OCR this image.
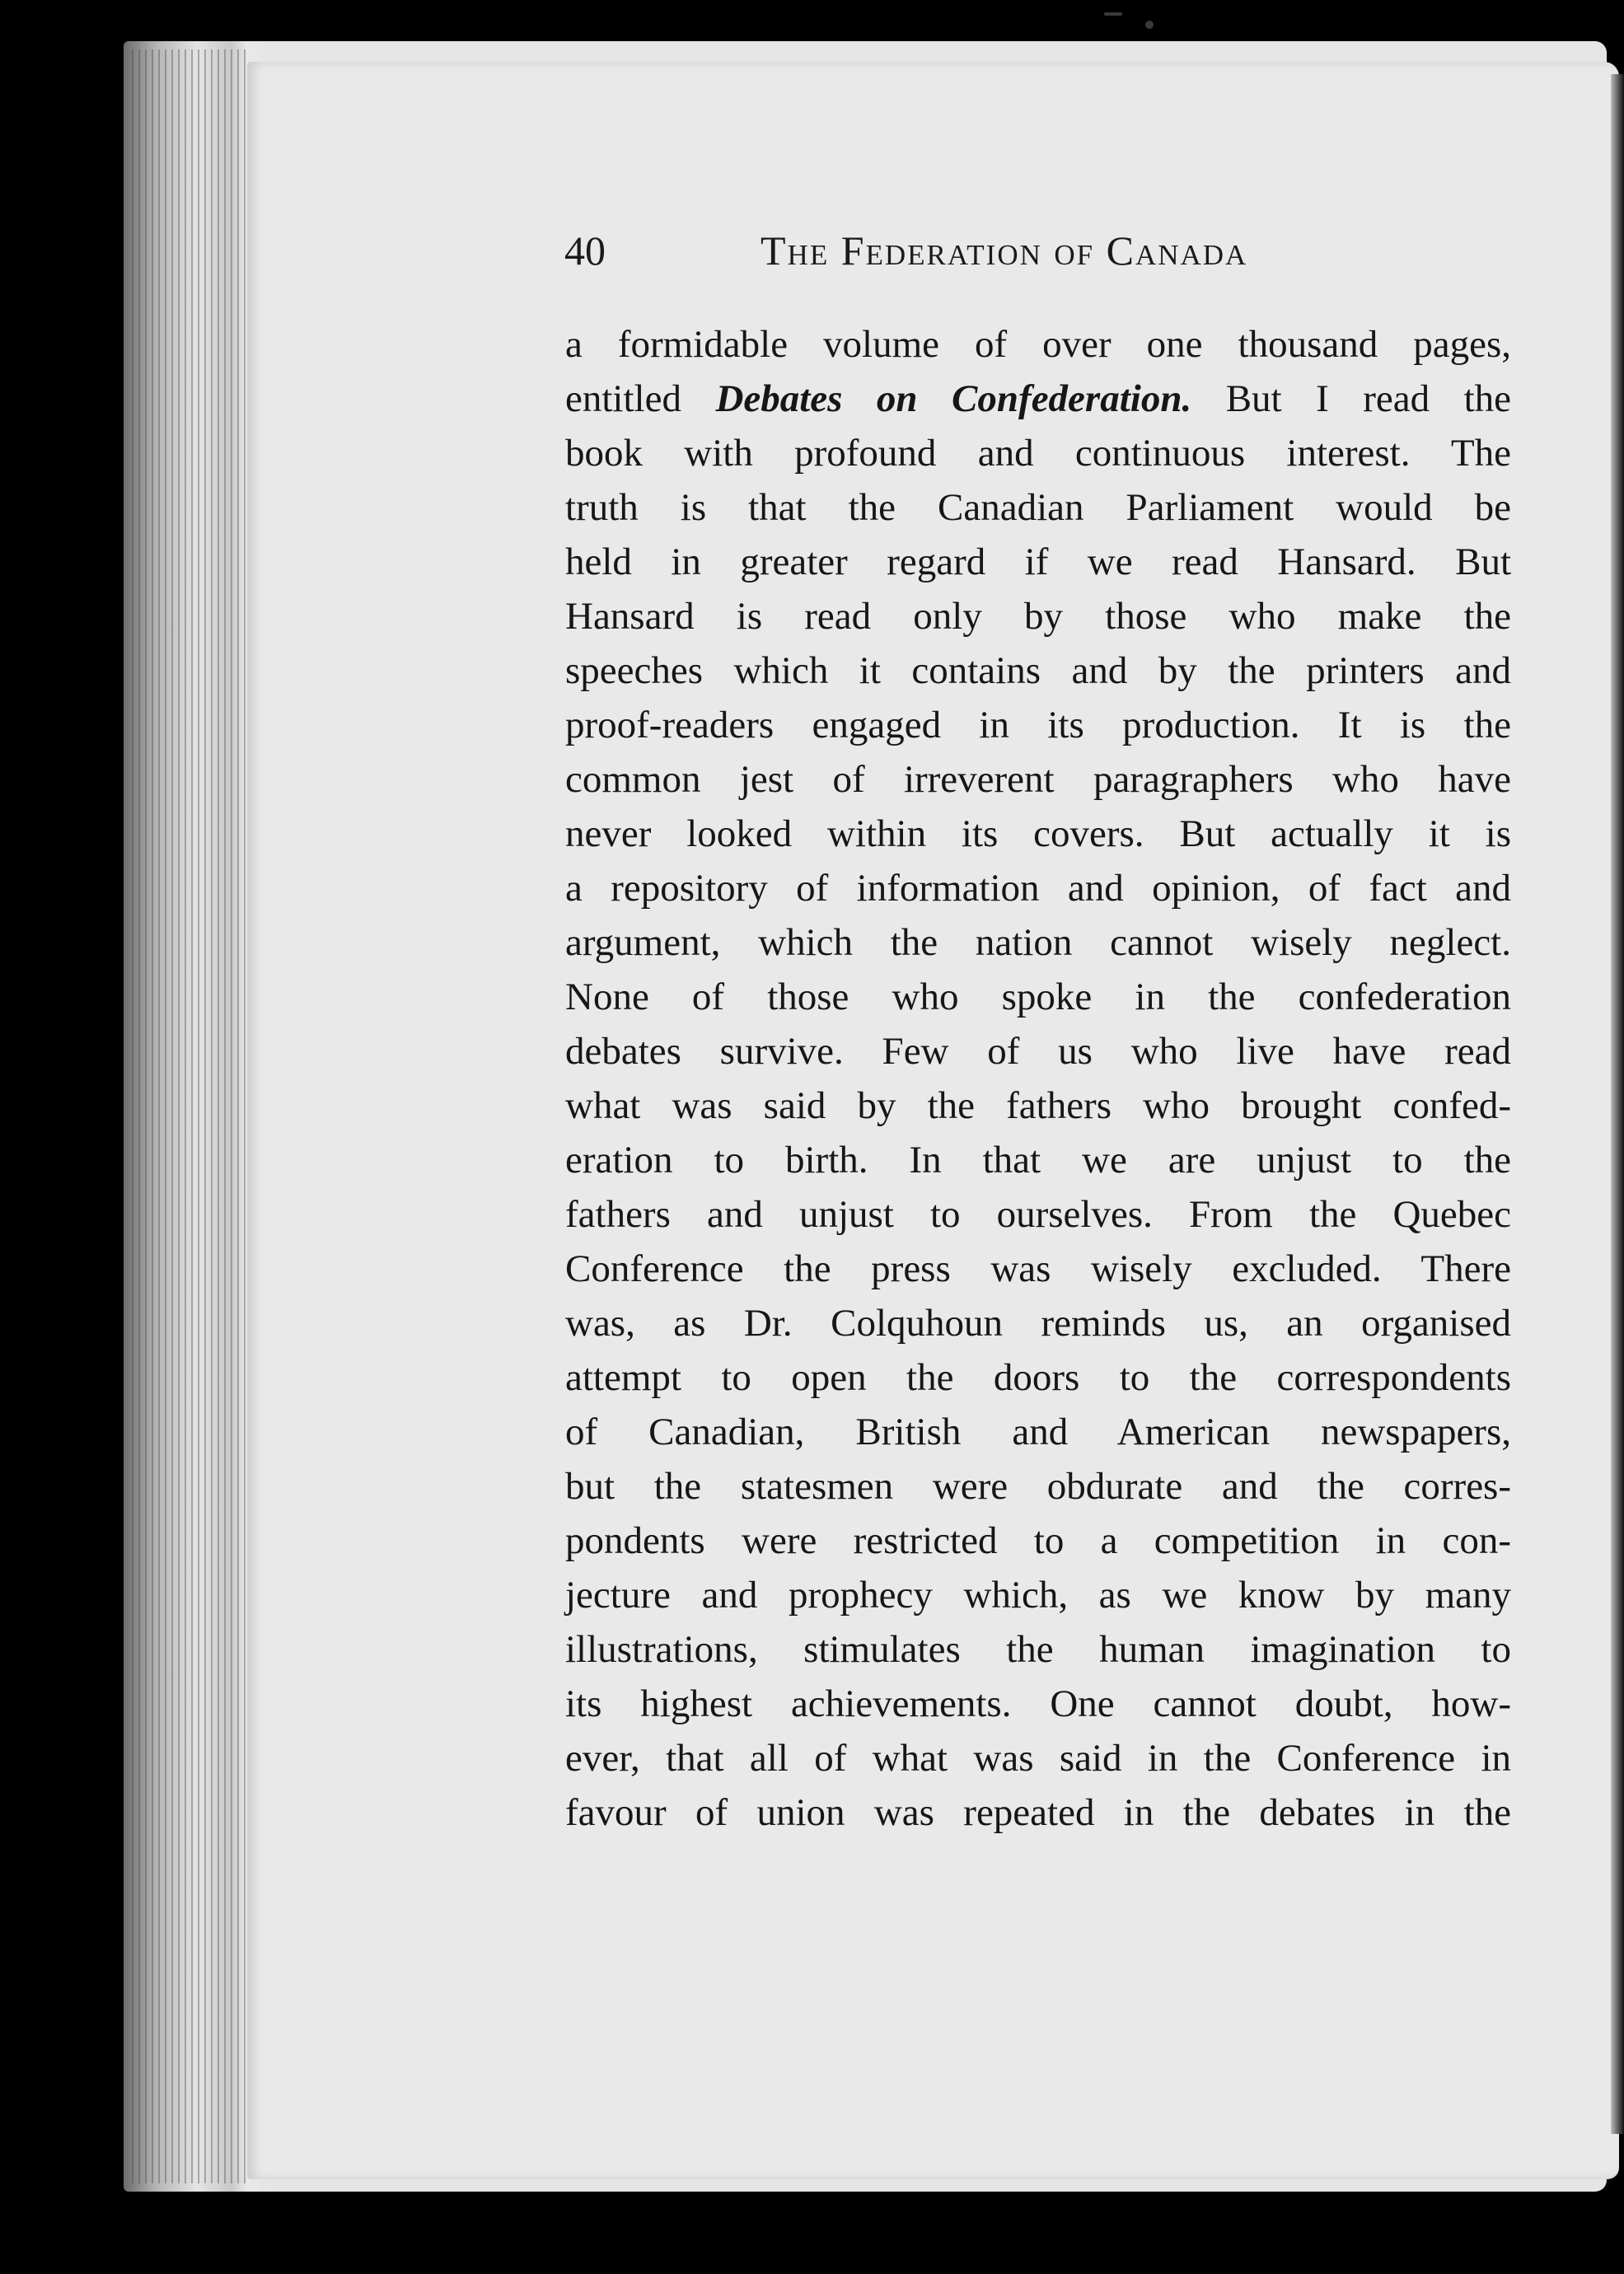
40	The Federation of Canada
a formidable volume of over one thousand pages,
entitled Debates on Confederation. But I read the
book with profound and continuous interest. The
truth is that the Canadian Parliament would be
held in greater regard if we read Hansard. But
Hansard is read only by those who make the
speeches which it contains and by the printers and
proof-readers engaged in its production. It is the
common jest of irreverent paragraphers who have
never looked within its covers. But actually it is
a repository of information and opinion, of fact and
argument, which the nation cannot wisely neglect.
None of those who spoke in the confederation
debates survive. Few of us who live have read
what was said by the fathers who brought confed-
eration to birth. In that we are unjust to the
fathers and unjust to ourselves. From the Quebec
Conference the press was wisely excluded. There
was, as Dr. Colquhoun reminds us, an organised
attempt to open the doors to the correspondents
of Canadian, British and American newspapers,
but the statesmen were obdurate and the corres-
pondents were restricted to a competition in con-
jecture and prophecy which, as we know by many
illustrations, stimulates the human imagination to
its highest achievements. One cannot doubt, how-
ever, that all of what was said in the Conference in
favour of union was repeated in the debates in the
